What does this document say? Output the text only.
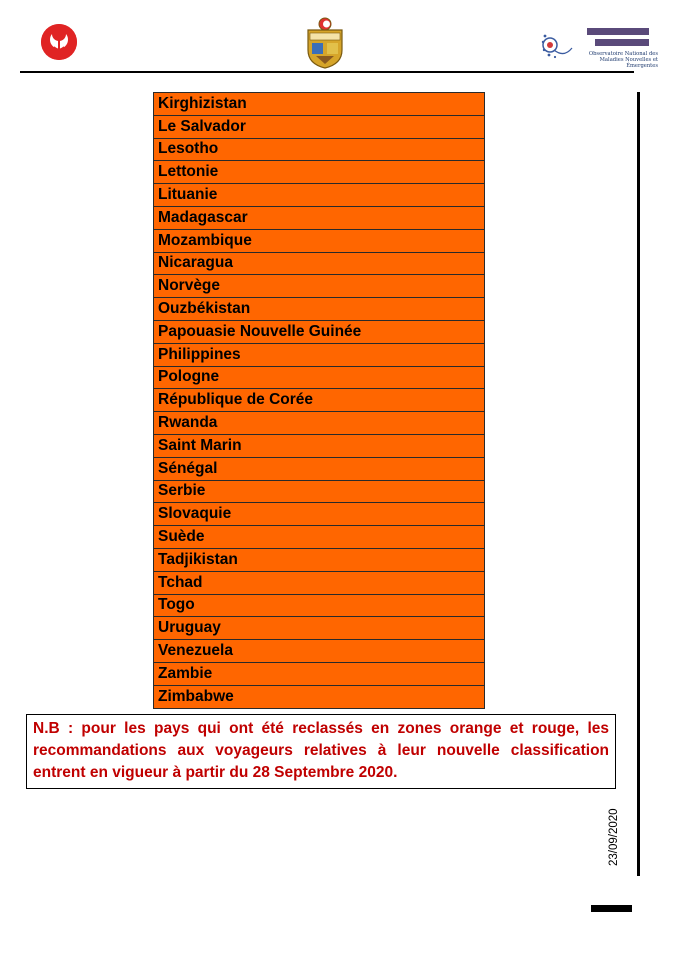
Observatoire National des Maladies Nouvelles et Émergentes
Kirghizistan
Le Salvador
Lesotho
Lettonie
Lituanie
Madagascar
Mozambique
Nicaragua
Norvège
Ouzbékistan
Papouasie Nouvelle Guinée
Philippines
Pologne
République de Corée
Rwanda
Saint Marin
Sénégal
Serbie
Slovaquie
Suède
Tadjikistan
Tchad
Togo
Uruguay
Venezuela
Zambie
Zimbabwe
N.B : pour les pays qui ont été reclassés en zones orange et rouge, les recommandations aux voyageurs relatives à leur nouvelle classification entrent en vigueur à partir du 28 Septembre 2020.
23/09/2020
